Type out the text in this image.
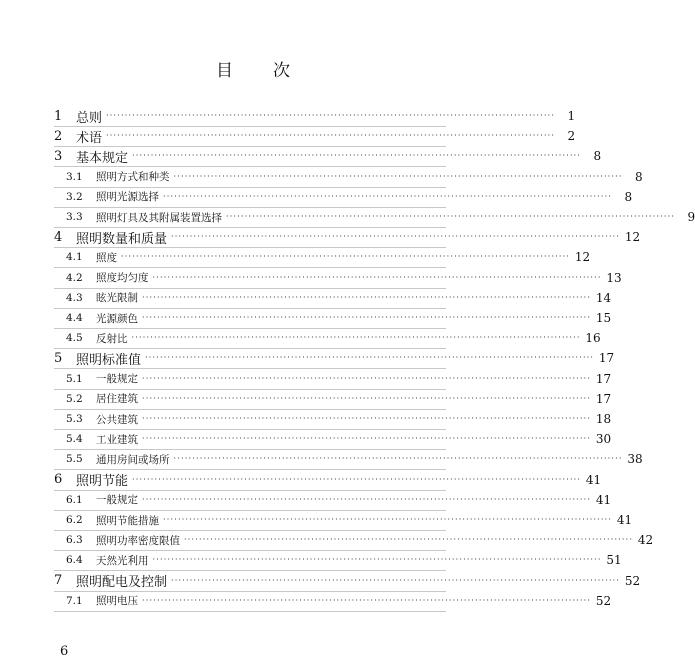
目 次
1	总则 ························································································································	1
2	术语 ························································································································	2
3	基本规定 ························································································································	8
3.1	照明方式和种类 ························································································································	8
3.2	照明光源选择 ························································································································	8
3.3	照明灯具及其附属装置选择 ························································································································	9
4	照明数量和质量 ························································································································ 12
4.1	照度 ························································································································ 12
4.2	照度均匀度 ························································································································ 13
4.3	眩光限制 ························································································································ 14
4.4	光源颜色 ························································································································ 15
4.5	反射比 ························································································································ 16
5	照明标准值 ························································································································ 17
5.1	一般规定 ························································································································ 17
5.2	居住建筑 ························································································································ 17
5.3	公共建筑 ························································································································ 18
5.4	工业建筑 ························································································································ 30
5.5	通用房间或场所 ························································································································ 38
6	照明节能 ························································································································ 41
6.1	一般规定 ························································································································ 41
6.2	照明节能措施 ························································································································ 41
6.3	照明功率密度限值 ························································································································ 42
6.4	天然光利用 ························································································································ 51
7	照明配电及控制 ························································································································ 52
7.1	照明电压 ························································································································ 52
6
